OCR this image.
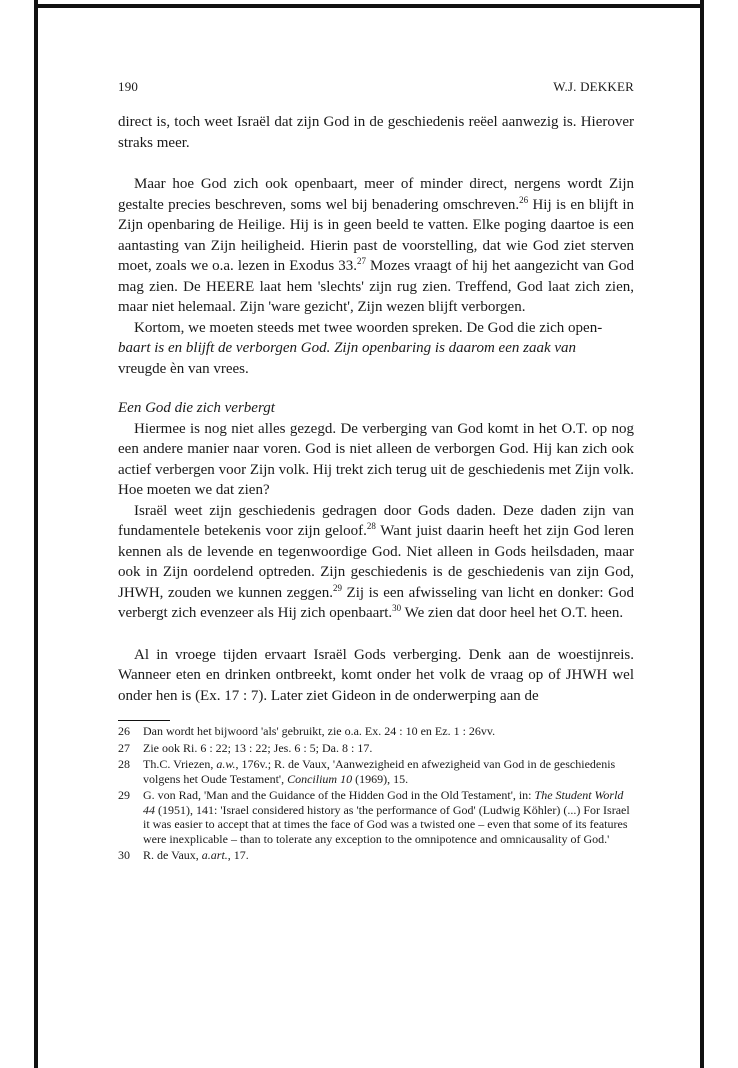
190	W.J. DEKKER

direct is, toch weet Israël dat zijn God in de geschiedenis reëel aanwezig is. Hierover straks meer.

Maar hoe God zich ook openbaart, meer of minder direct, nergens wordt Zijn gestalte precies beschreven, soms wel bij benadering omschreven.$^{26}$ Hij is en blijft in Zijn openbaring de Heilige. Hij is in geen beeld te vatten. Elke poging daartoe is een aantasting van Zijn heiligheid. Hierin past de voorstelling, dat wie God ziet sterven moet, zoals we o.a. lezen in Exodus 33.27 Mozes vraagt of hij het aangezicht van God mag zien. De HEERE laat hem 'slechts' zijn rug zien. Treffend, God laat zich zien, maar niet helemaal. Zijn 'ware gezicht', Zijn wezen blijft verborgen.

Kortom, we moeten steeds met twee woorden spreken. De God die zich open-
baart is en blijft de verborgen God. Zijn openbaring is daarom een zaak van
vreugde èn van vrees.

Een God die zich verbergt

Hiermee is nog niet alles gezegd. De verberging van God komt in het O.T. op nog een andere manier naar voren. God is niet alleen de verborgen God. Hij kan zich ook actief verbergen voor Zijn volk. Hij trekt zich terug uit de geschiedenis met Zijn volk. Hoe moeten we dat zien?

Israël weet zijn geschiedenis gedragen door Gods daden. Deze daden zijn van fundamentele betekenis voor zijn geloof.$^{28}$ Want juist daarin heeft het zijn God leren kennen als de levende en tegenwoordige God. Niet alleen in Gods heilsdaden, maar ook in Zijn oordelend optreden. Zijn geschiedenis is de geschiedenis van zijn God, JHWH, zouden we kunnen zeggen.$^{29}$ Zij is een afwisseling van licht en donker: God verbergt zich evenzeer als Hij zich openbaart.$^{30}$ We zien dat door heel het O.T. heen.

Al in vroege tijden ervaart Israël Gods verberging. Denk aan de woestijnreis. Wanneer eten en drinken ontbreekt, komt onder het volk de vraag op of JHWH wel onder hen is (Ex. 17 : 7). Later ziet Gideon in de onderwerping aan de

26	Dan wordt het bijwoord 'als' gebruikt, zie o.a. Ex. 24 : 10 en Ez. 1 : 26vv.
27	Zie ook Ri. 6 : 22; 13 : 22; Jes. 6 : 5; Da. 8 : 17.
28	Th.C. Vriezen, a.w., 176v.; R. de Vaux, 'Aanwezigheid en afwezigheid van God in de geschiedenis volgens het Oude Testament', Concilium 10 (1969), 15.
29	G. von Rad, 'Man and the Guidance of the Hidden God in the Old Testament', in: The Student World 44 (1951), 141: 'Israel considered history as 'the performance of God' (Ludwig Köhler) (...) For Israel it was easier to accept that at times the face of God was a twisted one – even that some of its features were inexplicable – than to tolerate any exception to the omnipotence and omnicausality of God.'
30	R. de Vaux, a.art., 17.
